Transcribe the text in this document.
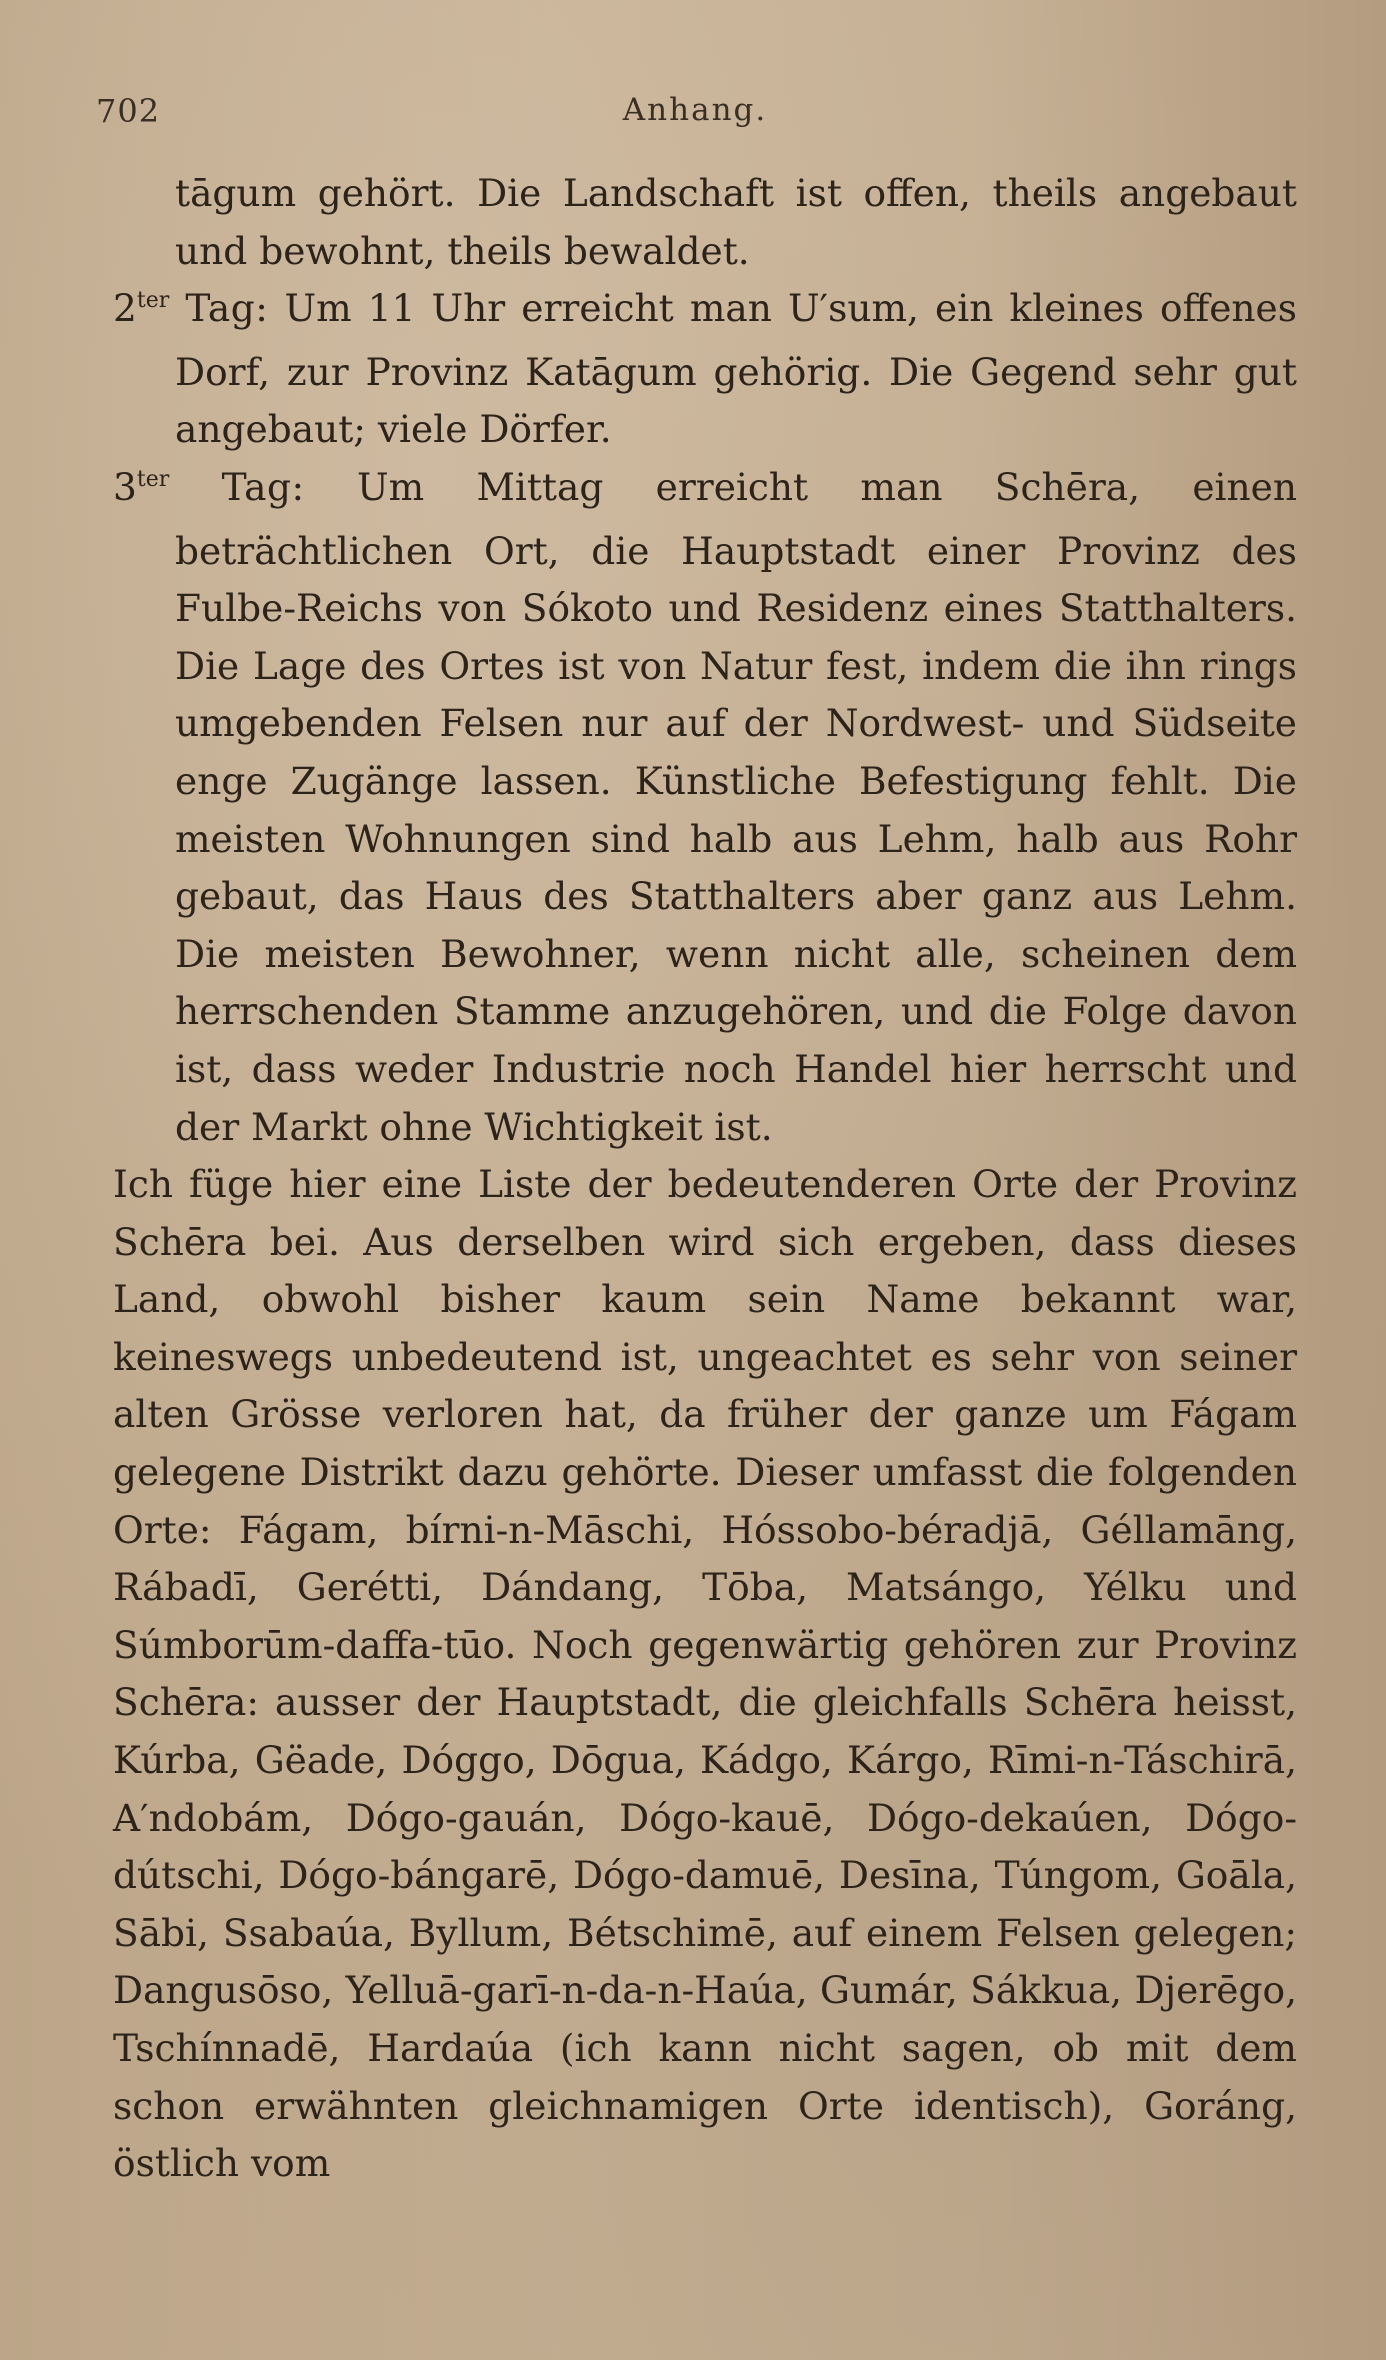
702	Anhang.

tāgum gehört. Die Landschaft ist offen, theils angebaut und bewohnt, theils bewaldet.

$2^{ter}$ Tag: Um 11 Uhr erreicht man U′sum, ein kleines offenes Dorf, zur Provinz Katāgum gehörig. Die Gegend sehr gut angebaut; viele Dörfer.

$3^{ter}$ Tag: Um Mittag erreicht man Schēra, einen beträchtlichen Ort, die Hauptstadt einer Provinz des Fulbe-Reichs von Sókoto und Residenz eines Statthalters. Die Lage des Ortes ist von Natur fest, indem die ihn rings umgebenden Felsen nur auf der Nordwest- und Südseite enge Zugänge lassen. Künstliche Befestigung fehlt. Die meisten Wohnungen sind halb aus Lehm, halb aus Rohr gebaut, das Haus des Statthalters aber ganz aus Lehm. Die meisten Bewohner, wenn nicht alle, scheinen dem herrschenden Stamme anzugehören, und die Folge davon ist, dass weder Industrie noch Handel hier herrscht und der Markt ohne Wichtigkeit ist.

Ich füge hier eine Liste der bedeutenderen Orte der Provinz Schēra bei. Aus derselben wird sich ergeben, dass dieses Land, obwohl bisher kaum sein Name bekannt war, keineswegs unbedeutend ist, ungeachtet es sehr von seiner alten Grösse verloren hat, da früher der ganze um Fágam gelegene Distrikt dazu gehörte. Dieser umfasst die folgenden Orte: Fágam, bírni-n-Māschi, Hóssobo-béradjā, Géllamāng, Rábadī, Gerétti, Dándang, Tōba, Matsángo, Yélku und Súmborūm-daffa-tūo. Noch gegenwärtig gehören zur Provinz Schēra: ausser der Hauptstadt, die gleichfalls Schēra heisst, Kúrba, Gëade, Dóggo, Dōgua, Kádgo, Kárgo, Rīmi-n-Táschirā, A′ndobám, Dógo-gauán, Dógo-kauē, Dógo-dekaúen, Dógo-dútschi, Dógo-bángarē, Dógo-damuē, Desīna, Túngom, Goāla, Sābi, Ssabaúa, Byllum, Bétschimē, auf einem Felsen gelegen; Dangusōso, Yelluā-garī-n-da-n-Haúa, Gumár, Sákkua, Djerēgo, Tschínnadē, Hardaúa (ich kann nicht sagen, ob mit dem schon erwähnten gleichnamigen Orte identisch), Goráng, östlich vom
